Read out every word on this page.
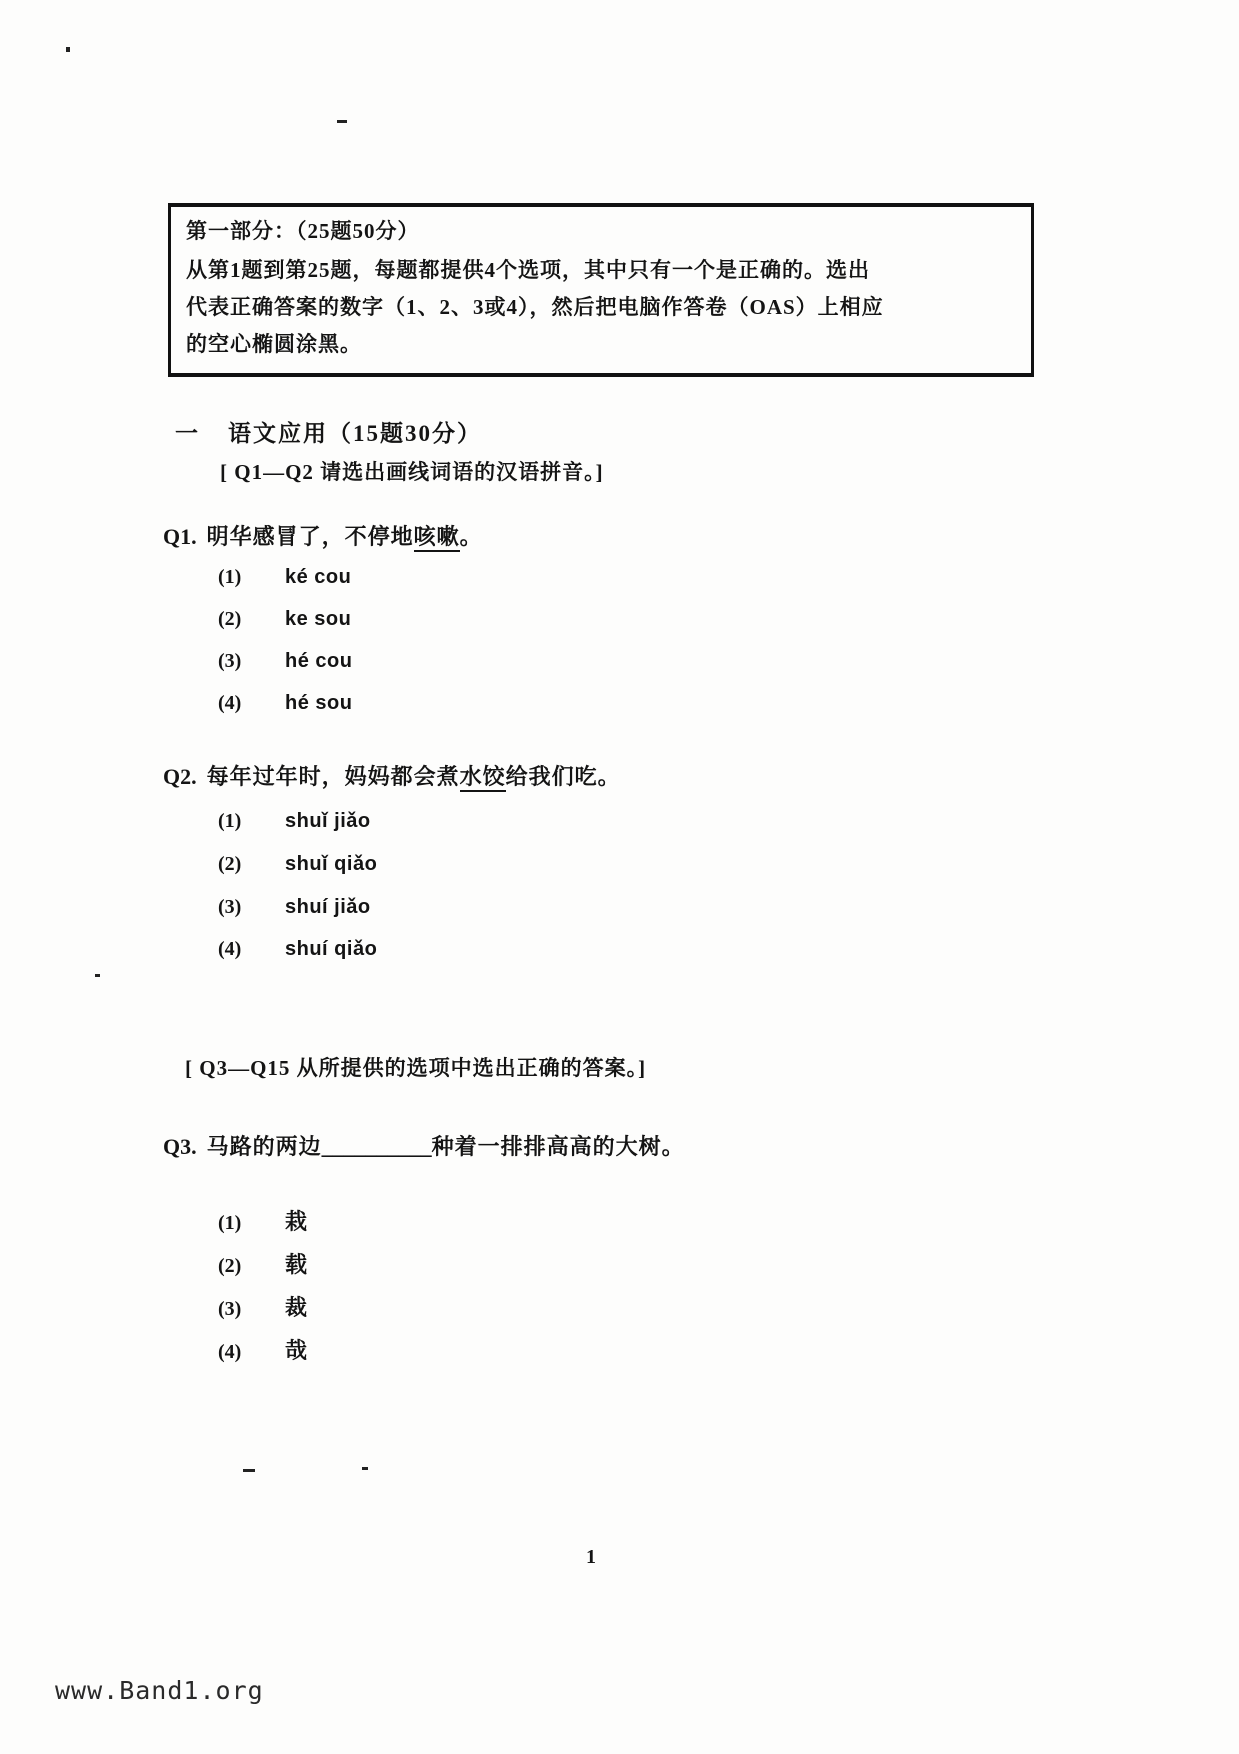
第一部分：（25题50分）
从第1题到第25题，每题都提供4个选项，其中只有一个是正确的。选出
代表正确答案的数字（1、2、3或4），然后把电脑作答卷（OAS）上相应
的空心椭圆涂黑。
一 语文应用（15题30分）
[ Q1—Q2 请选出画线词语的汉语拼音。]
Q1. 明华感冒了，不停地咳嗽。
(1) ké cou
(2) ke sou
(3) hé cou
(4) hé sou
Q2. 每年过年时，妈妈都会煮水饺给我们吃。
(1) shuǐ jiǎo
(2) shuǐ qiǎo
(3) shuí jiǎo
(4) shuí qiǎo
[ Q3—Q15 从所提供的选项中选出正确的答案。]
Q3. 马路的两边__________种着一排排高高的大树。
(1) 栽
(2) 载
(3) 裁
(4) 哉
1
www.Band1.org
